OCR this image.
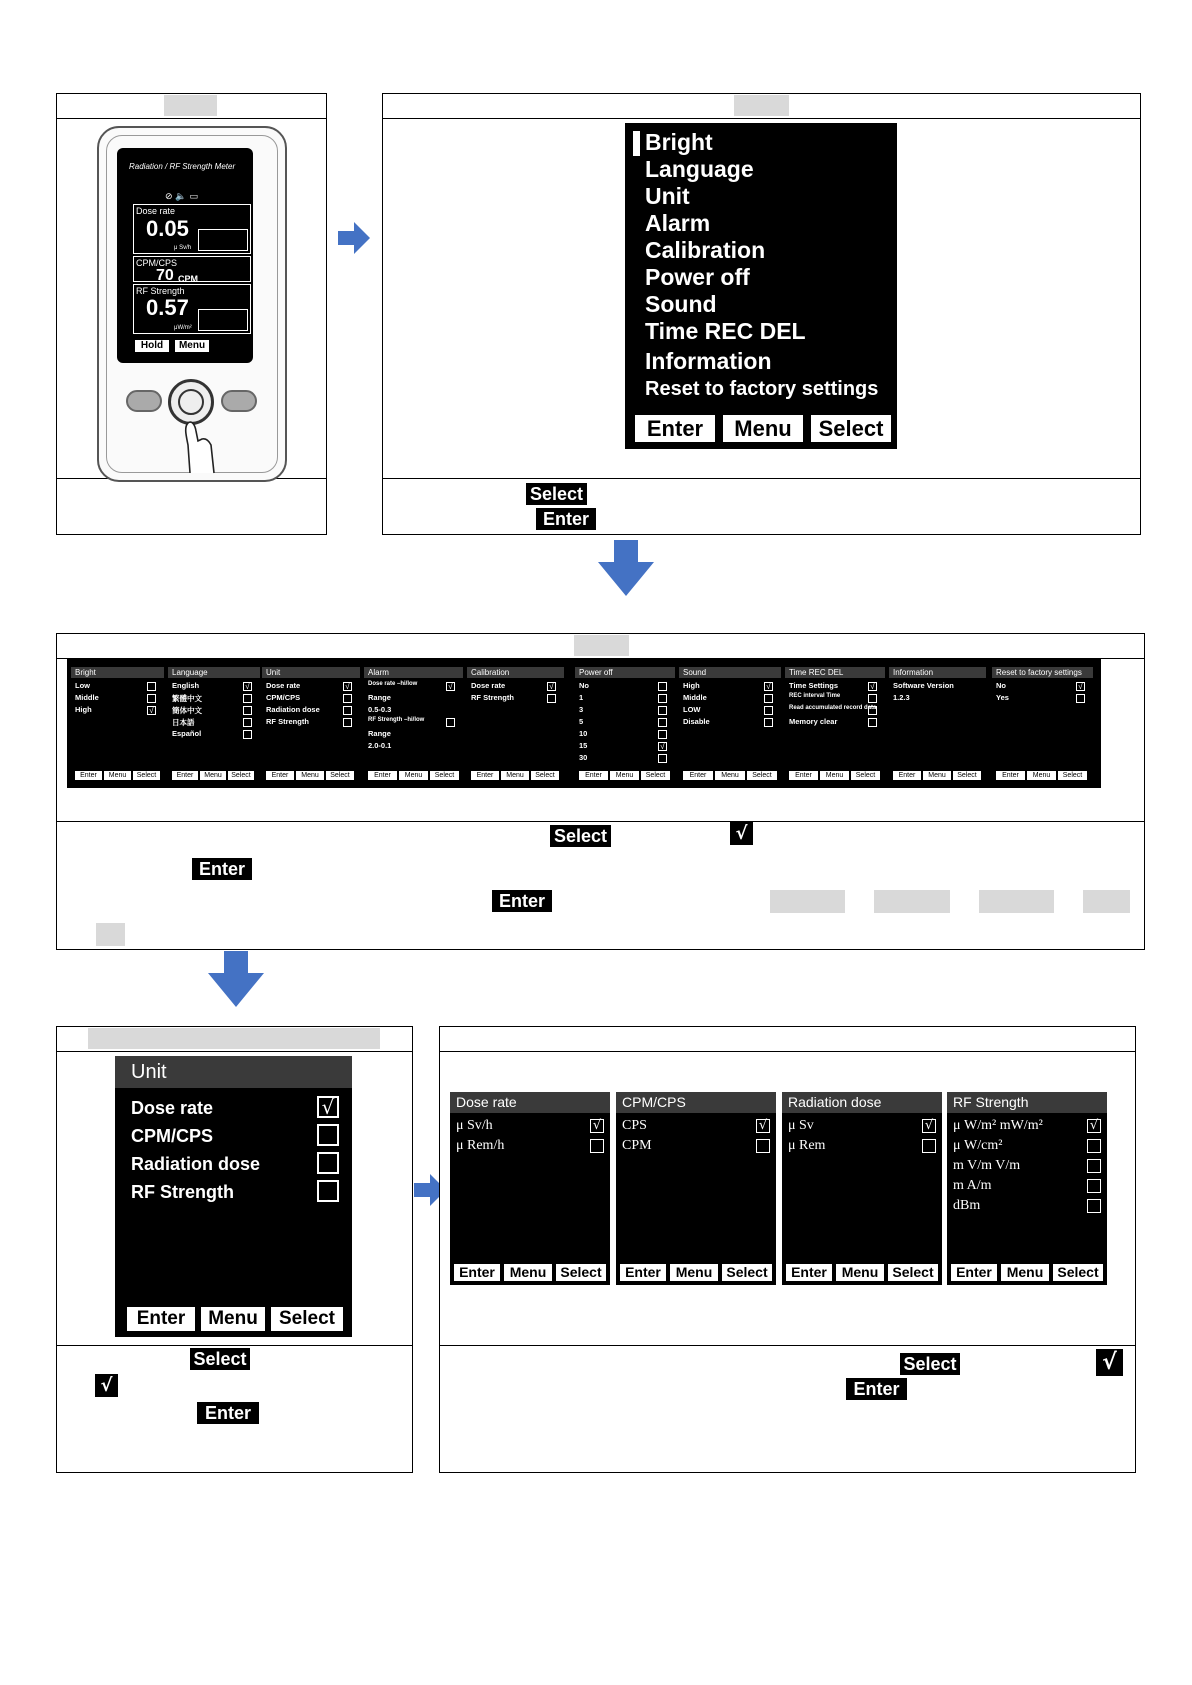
Radiation / RF Strength Meter
⊘ 🔈 ▭
Dose rate
0.05
μ Sv/h
CPM/CPS
70 CPM
RF Strength
0.57
μW/m²
Hold	Menu
Bright
Language
Unit
Alarm
Calibration
Power off
Sound
Time REC DEL
Information
Reset to factory settings
Enter	Menu	Select
Select
Enter
Bright
Low
Middle
High	√
Enter	Menu	Select
Language
English	√
繁體中文
簡体中文
日本語
Español
Enter	Menu	Select
Unit
Dose rate	√
CPM/CPS
Radiation dose
RF Strength
Enter	Menu	Select
Alarm
Dose rate –hi/low	√
Range
0.5-0.3
RF Strength –hi/low
Range
2.0-0.1
Enter	Menu	Select
Calibration
Dose rate	√
RF Strength
Enter	Menu	Select
Power off
No
1
3
5
10
15	√
30
Enter	Menu	Select
Sound
High	√
Middle
LOW
Disable
Enter	Menu	Select
Time REC DEL
Time Settings	√
REC interval Time
Read accumulated record data
Memory clear
Enter	Menu	Select
Information
Software Version
1.2.3
Enter	Menu	Select
Reset to factory settings
No	√
Yes
Enter	Menu	Select
Select	√
Enter
Enter
Unit
Dose rate	√
CPM/CPS
Radiation dose
RF Strength
Enter	Menu	Select
Select
√
Enter
Dose rate
μ Sv/h	√
μ Rem/h
Enter	Menu	Select
CPM/CPS
CPS	√
CPM
Enter	Menu	Select
Radiation dose
μ Sv	√
μ Rem
Enter	Menu	Select
RF Strength
μ W/m² mW/m²	√
μ W/cm²
m V/m V/m
m A/m
dBm
Enter	Menu	Select
Select	√
Enter
